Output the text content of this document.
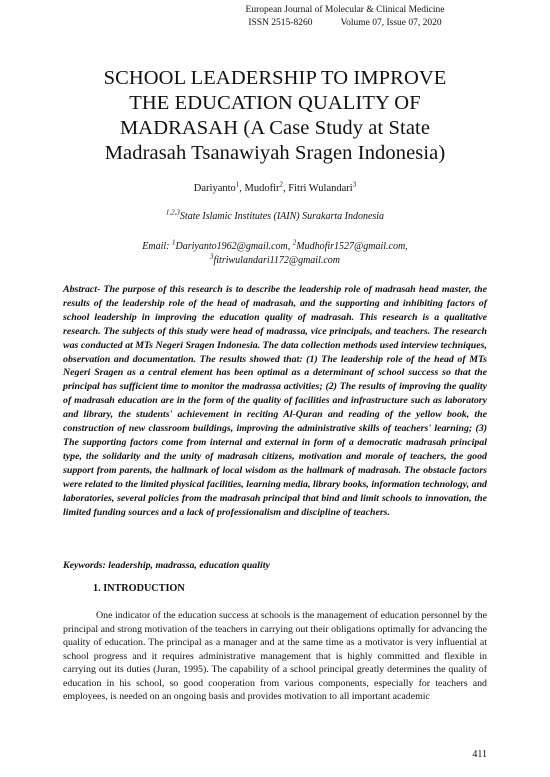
European Journal of Molecular & Clinical Medicine
ISSN 2515-8260	Volume 07, Issue 07, 2020
SCHOOL LEADERSHIP TO IMPROVE
THE EDUCATION QUALITY OF
MADRASAH (A Case Study at State
Madrasah Tsanawiyah Sragen Indonesia)
Dariyanto$^1$, Mudofir$^2$, Fitri Wulandari$^3$
$^{1,2,3}$State Islamic Institutes (IAIN) Surakarta Indonesia
Email: $^1$Dariyanto1962@gmail.com, $^2$Mudhofir1527@gmail.com,
$^3$fitriwulandari1172@gmail.com
Abstract- The purpose of this research is to describe the leadership role of madrasah head master, the results of the leadership role of the head of madrasah, and the supporting and inhibiting factors of school leadership in improving the education quality of madrasah. This research is a qualitative research. The subjects of this study were head of madrassa, vice principals, and teachers. The research was conducted at MTs Negeri Sragen Indonesia. The data collection methods used interview techniques, observation and documentation. The results showed that: (1) The leadership role of the head of MTs Negeri Sragen as a central element has been optimal as a determinant of school success so that the principal has sufficient time to monitor the madrassa activities; (2) The results of improving the quality of madrasah education are in the form of the quality of facilities and infrastructure such as laboratory and library, the students' achievement in reciting Al-Quran and reading of the yellow book, the construction of new classroom buildings, improving the administrative skills of teachers' learning; (3) The supporting factors come from internal and external in form of a democratic madrasah principal type, the solidarity and the unity of madrasah citizens, motivation and morale of teachers, the good support from parents, the hallmark of local wisdom as the hallmark of madrasah. The obstacle factors were related to the limited physical facilities, learning media, library books, information technology, and laboratories, several policies from the madrasah principal that bind and limit schools to innovation, the limited funding sources and a lack of professionalism and discipline of teachers.
Keywords: leadership, madrassa, education quality
1. INTRODUCTION
One indicator of the education success at schools is the management of education personnel by the principal and strong motivation of the teachers in carrying out their obligations optimally for advancing the quality of education. The principal as a manager and at the same time as a motivator is very influential at school progress and it requires administrative management that is highly committed and flexible in carrying out its duties (Juran, 1995). The capability of a school principal greatly determines the quality of education in his school, so good cooperation from various components, especially for teachers and employees, is needed on an ongoing basis and provides motivation to all important academic
411
